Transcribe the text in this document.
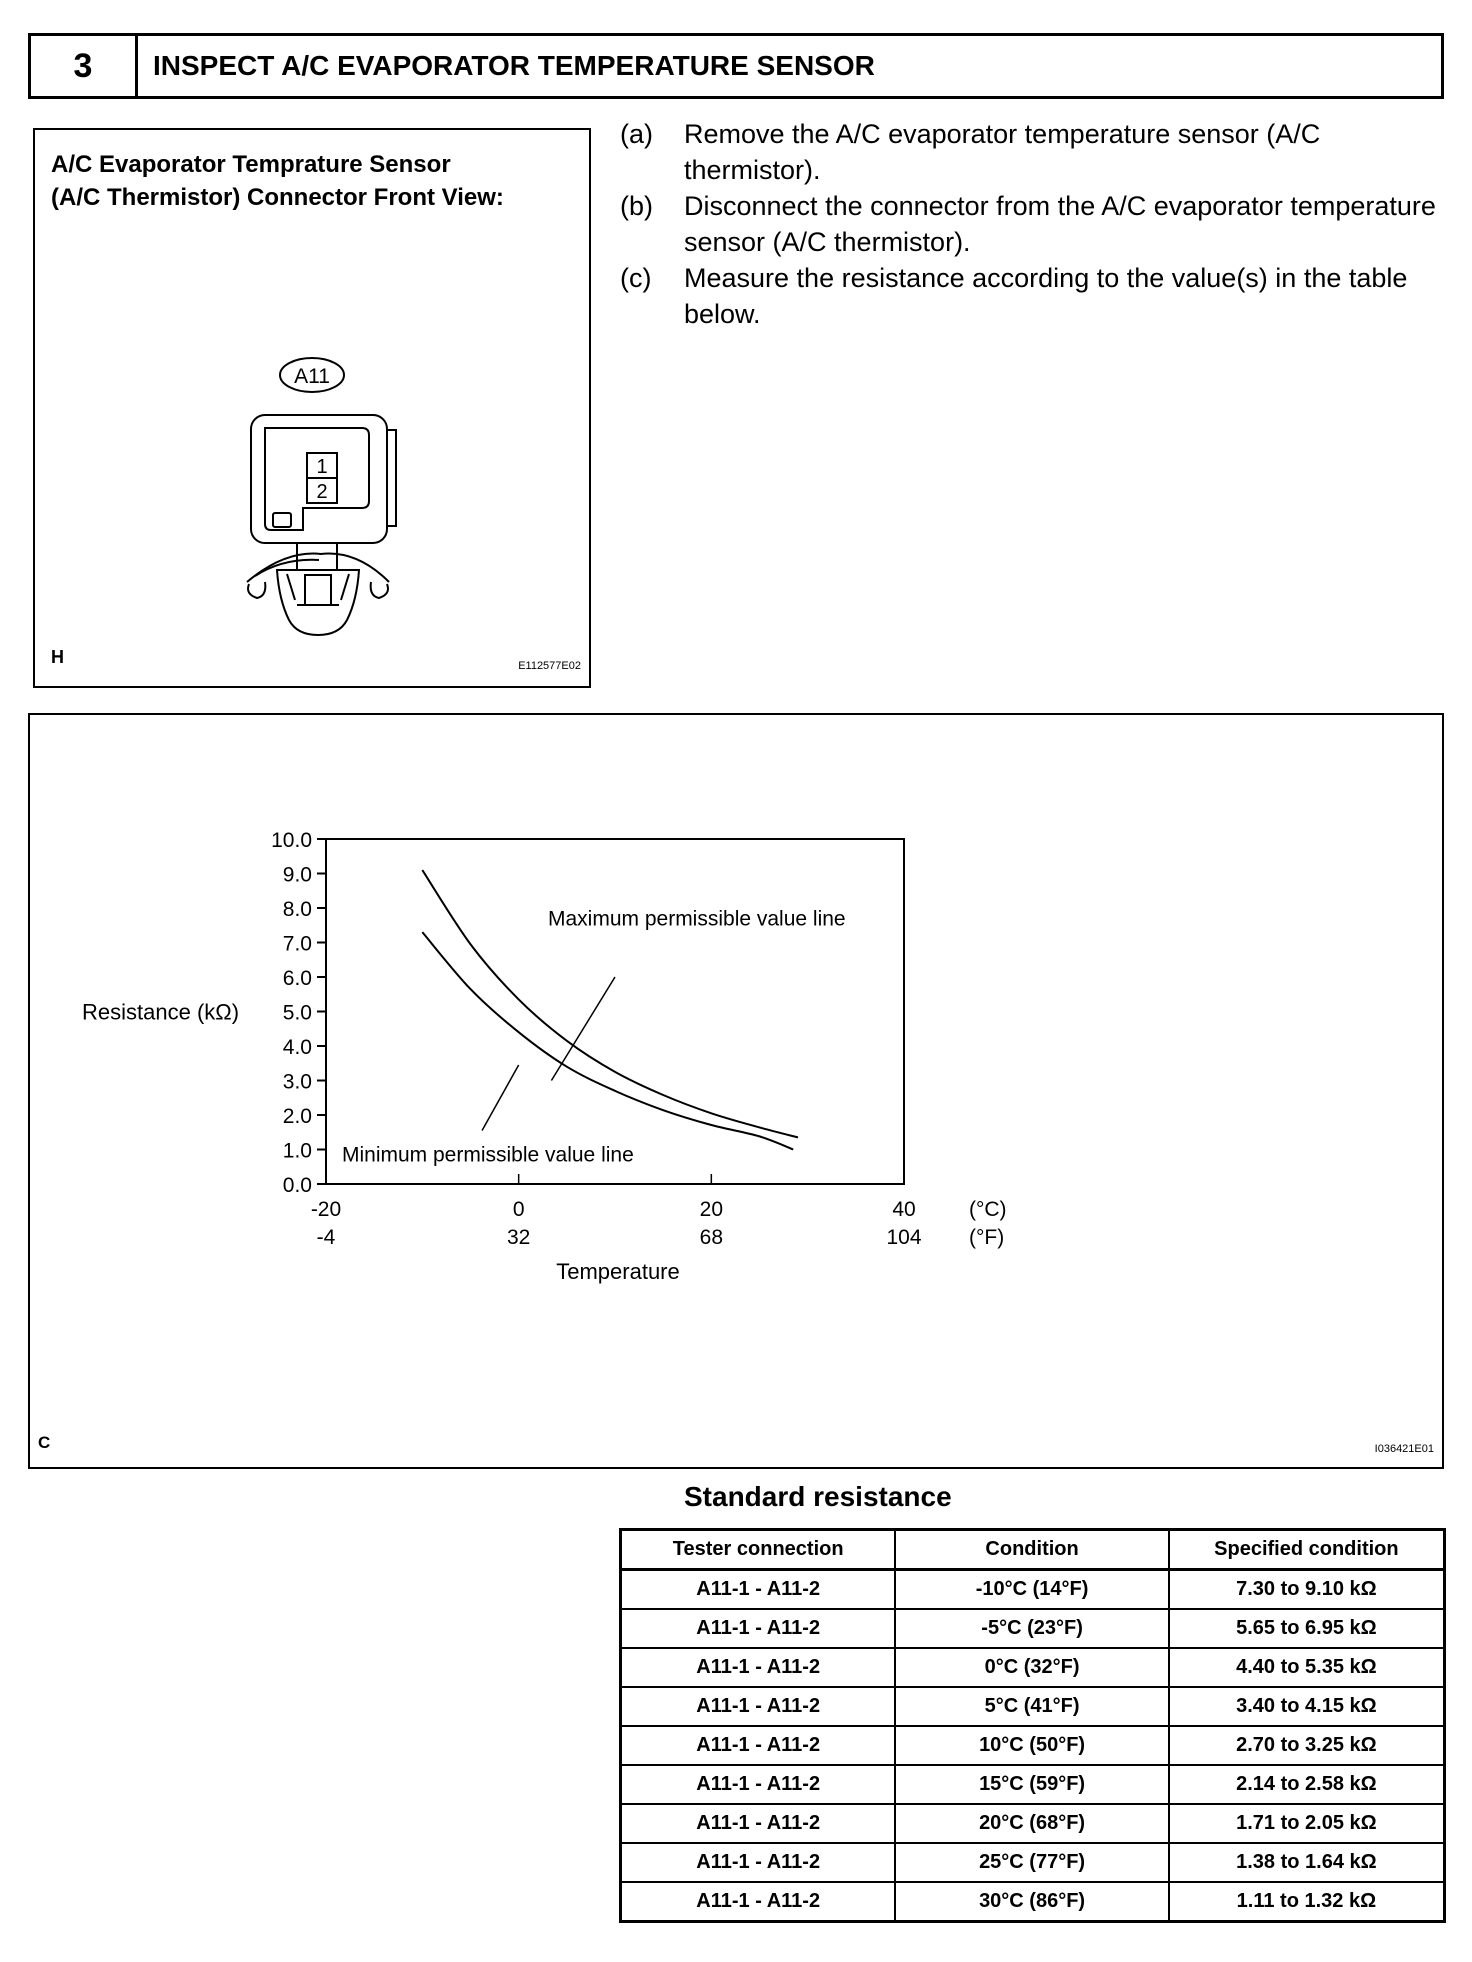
3	INSPECT A/C EVAPORATOR TEMPERATURE SENSOR
A/C Evaporator Temprature Sensor
(A/C Thermistor) Connector Front View:
A11
1
2
H	E112577E02
(a)	Remove the A/C evaporator temperature sensor (A/C thermistor).
(b)	Disconnect the connector from the A/C evaporator temperature sensor (A/C thermistor).
(c)	Measure the resistance according to the value(s) in the table below.
0.0
1.0
2.0
3.0
4.0
5.0
6.0
7.0
8.0
9.0
10.0
-20
-4
0
32
20
68
40
104
(°C)
(°F)
Temperature
Resistance (kΩ)
Maximum permissible value line
Minimum permissible value line
C	I036421E01
Standard resistance
Tester connection	Condition	Specified condition
A11-1 - A11-2	-10°C (14°F)	7.30 to 9.10 kΩ
A11-1 - A11-2	-5°C (23°F)	5.65 to 6.95 kΩ
A11-1 - A11-2	0°C (32°F)	4.40 to 5.35 kΩ
A11-1 - A11-2	5°C (41°F)	3.40 to 4.15 kΩ
A11-1 - A11-2	10°C (50°F)	2.70 to 3.25 kΩ
A11-1 - A11-2	15°C (59°F)	2.14 to 2.58 kΩ
A11-1 - A11-2	20°C (68°F)	1.71 to 2.05 kΩ
A11-1 - A11-2	25°C (77°F)	1.38 to 1.64 kΩ
A11-1 - A11-2	30°C (86°F)	1.11 to 1.32 kΩ
